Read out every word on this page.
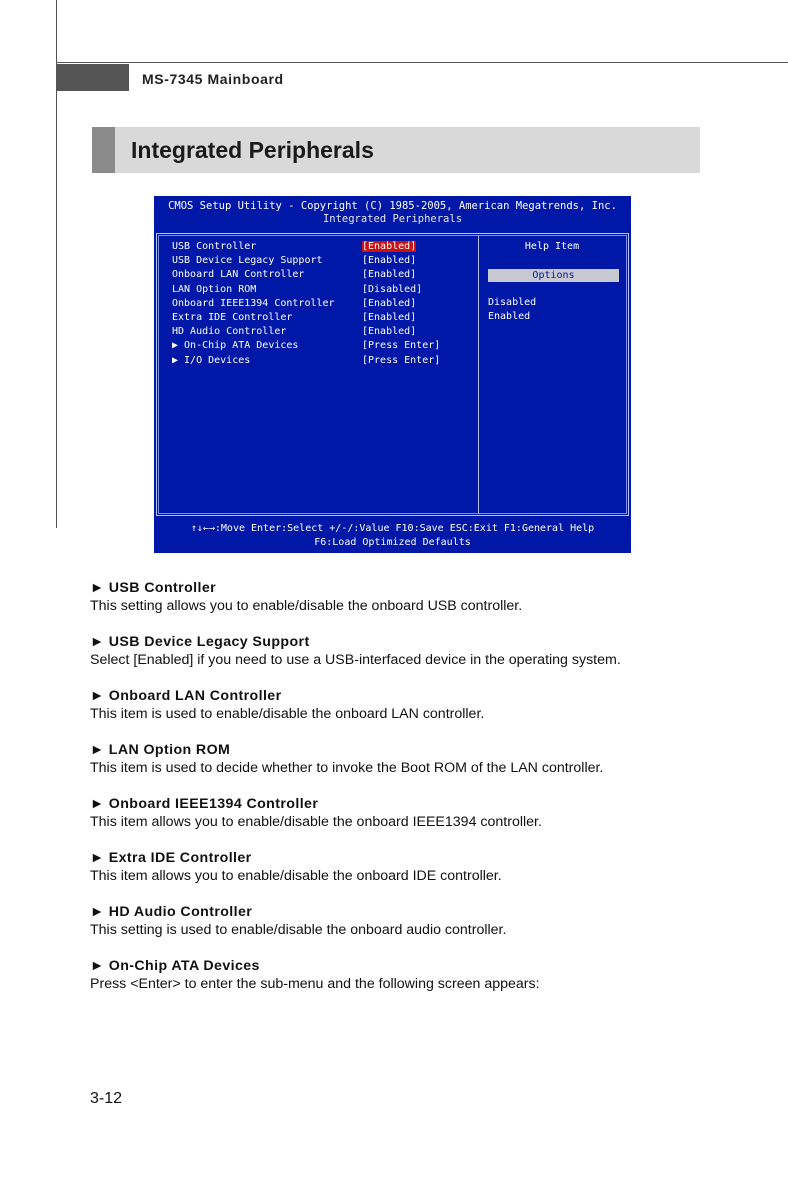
MS-7345 Mainboard
Integrated Peripherals
CMOS Setup Utility - Copyright (C) 1985-2005, American Megatrends, Inc.
Integrated Peripherals
USB Controller	[Enabled]
USB Device Legacy Support	[Enabled]
Onboard LAN Controller	[Enabled]
LAN Option ROM	[Disabled]
Onboard IEEE1394 Controller	[Enabled]
Extra IDE Controller	[Enabled]
HD Audio Controller	[Enabled]
▶ On-Chip ATA Devices	[Press Enter]
▶ I/O Devices	[Press Enter]
Help Item
Options
Disabled
Enabled
↑↓←→:Move Enter:Select +/-/:Value F10:Save ESC:Exit F1:General Help
F6:Load Optimized Defaults
► USB Controller
This setting allows you to enable/disable the onboard USB controller.
► USB Device Legacy Support
Select [Enabled] if you need to use a USB-interfaced device in the operating system.
► Onboard LAN Controller
This item is used to enable/disable the onboard LAN controller.
► LAN Option ROM
This item is used to decide whether to invoke the Boot ROM of the LAN controller.
► Onboard IEEE1394 Controller
This item allows you to enable/disable the onboard IEEE1394 controller.
► Extra IDE Controller
This item allows you to enable/disable the onboard IDE controller.
► HD Audio Controller
This setting is used to enable/disable the onboard audio controller.
► On-Chip ATA Devices
Press <Enter> to enter the sub-menu and the following screen appears:
3-12
